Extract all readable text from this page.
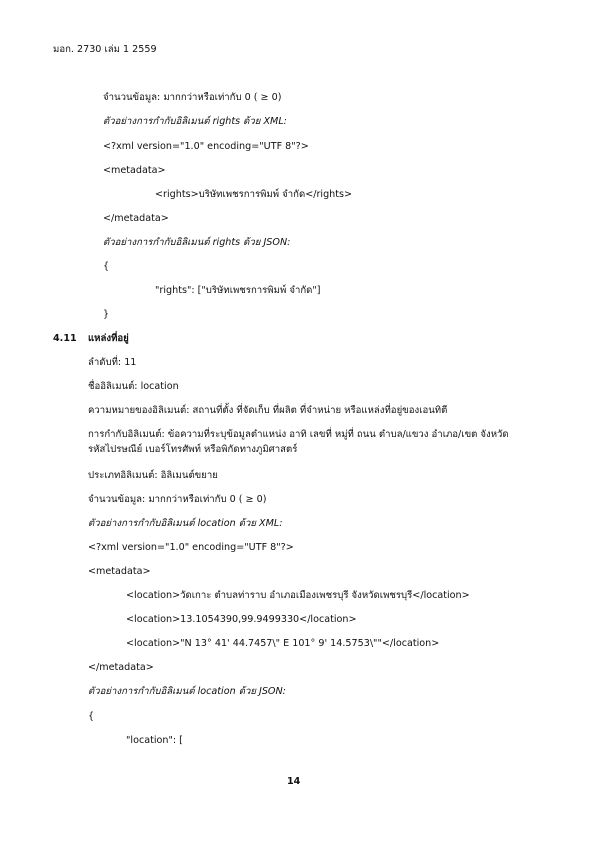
มอก. 2730 เล่ม 1 2559
จำนวนข้อมูล: มากกว่าหรือเท่ากับ 0 ( ≥ 0)
ตัวอย่างการกำกับอิลิเมนต์ rights ด้วย XML:
<?xml version="1.0" encoding="UTF 8"?>
<metadata>
<rights>บริษัทเพชรการพิมพ์ จำกัด</rights>
</metadata>
ตัวอย่างการกำกับอิลิเมนต์ rights ด้วย JSON:
{
"rights": ["บริษัทเพชรการพิมพ์ จำกัด"]
}
4.11 แหล่งที่อยู่
ลำดับที่: 11
ชื่ออิลิเมนต์: location
ความหมายของอิลิเมนต์: สถานที่ตั้ง ที่จัดเก็บ ที่ผลิต ที่จำหน่าย หรือแหล่งที่อยู่ของเอนทิตี
การกำกับอิลิเมนต์: ข้อความที่ระบุข้อมูลตำแหน่ง อาทิ เลขที่ หมู่ที่ ถนน ตำบล/แขวง อำเภอ/เขต จังหวัด
รหัสไปรษณีย์ เบอร์โทรศัพท์ หรือพิกัดทางภูมิศาสตร์
ประเภทอิลิเมนต์: อิลิเมนต์ขยาย
จำนวนข้อมูล: มากกว่าหรือเท่ากับ 0 ( ≥ 0)
ตัวอย่างการกำกับอิลิเมนต์ location ด้วย XML:
<?xml version="1.0" encoding="UTF 8"?>
<metadata>
<location>วัดเกาะ ตำบลท่าราบ อำเภอเมืองเพชรบุรี จังหวัดเพชรบุรี</location>
<location>13.1054390,99.9499330</location>
<location>"N 13° 41' 44.7457\" E 101° 9' 14.5753\""</location>
</metadata>
ตัวอย่างการกำกับอิลิเมนต์ location ด้วย JSON:
{
"location": [
14
